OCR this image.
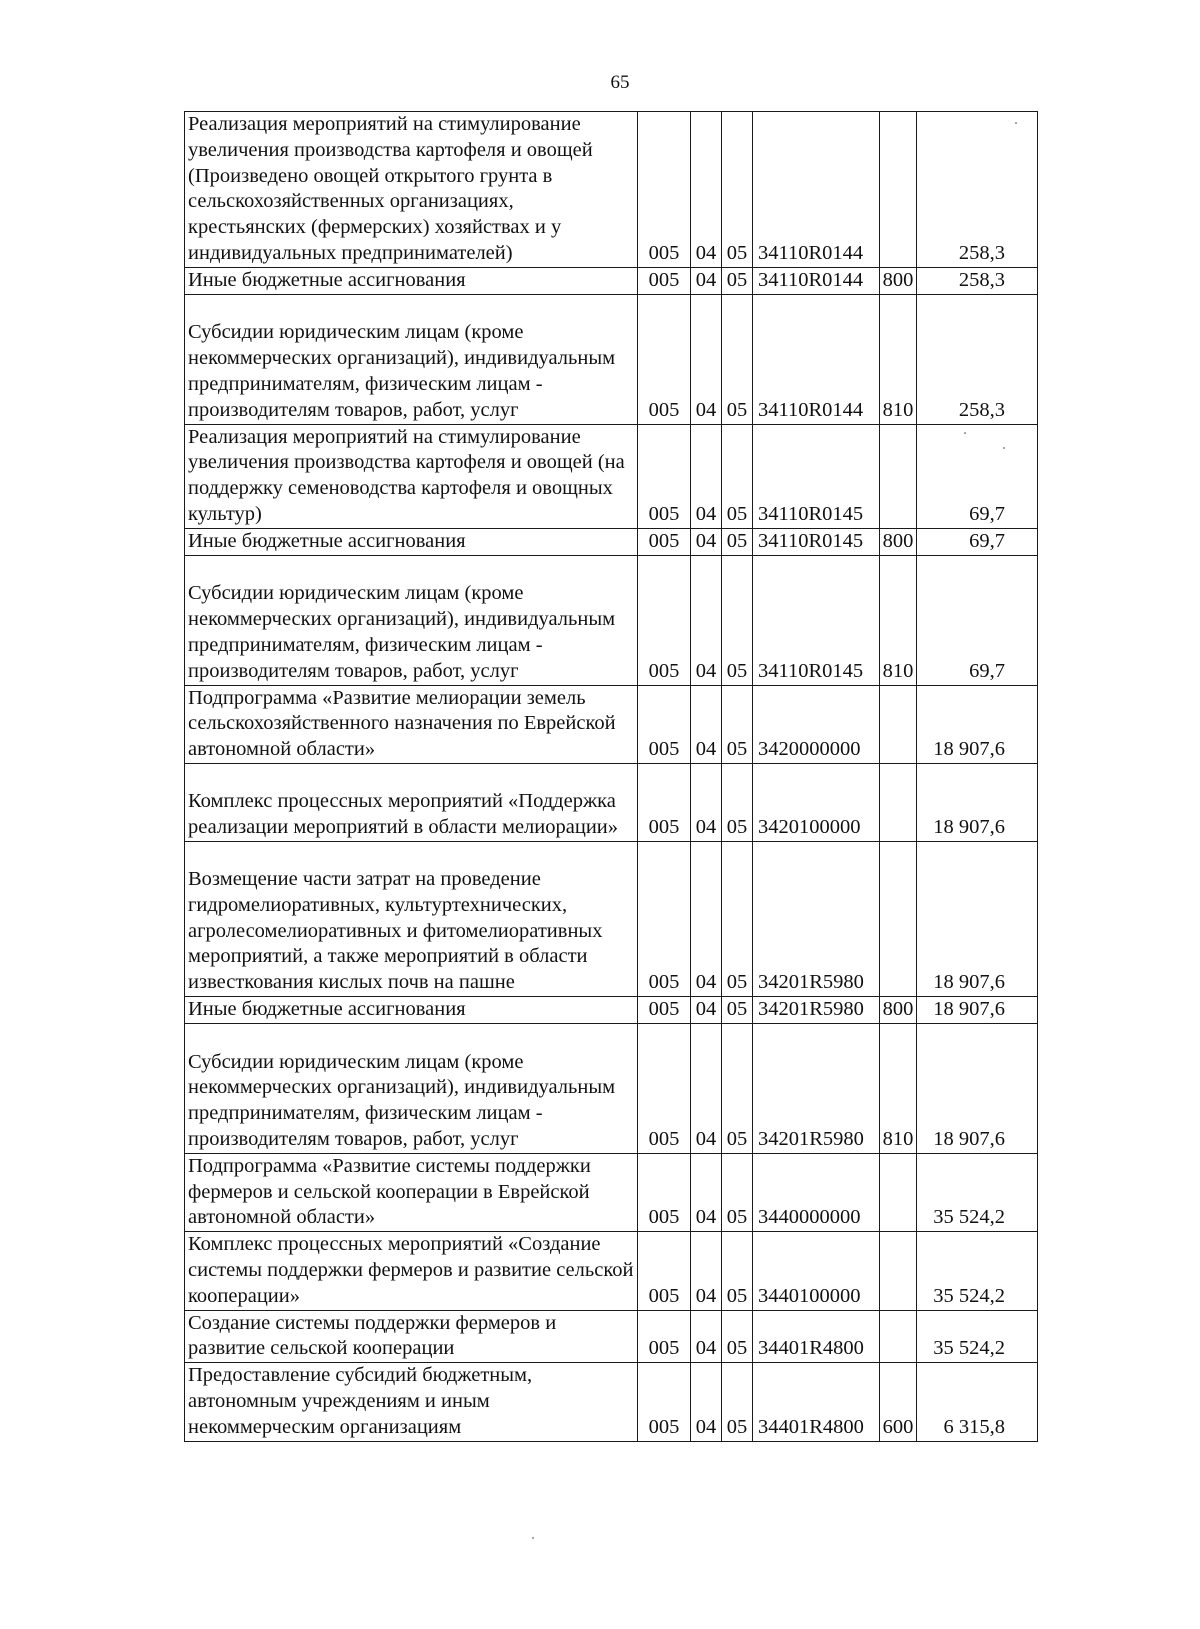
65
Реализация мероприятий на стимулирование увеличения производства картофеля и овощей (Произведено овощей открытого грунта в сельскохозяйственных организациях, крестьянских (фермерских) хозяйствах и у индивидуальных предпринимателей)	005	04	05	34110R0144		258,3
Иные бюджетные ассигнования	005	04	05	34110R0144	800	258,3
Субсидии юридическим лицам (кроме некоммерческих организаций), индивидуальным предпринимателям, физическим лицам - производителям товаров, работ, услуг	005	04	05	34110R0144	810	258,3
Реализация мероприятий на стимулирование увеличения производства картофеля и овощей (на поддержку семеноводства картофеля и овощных культур)	005	04	05	34110R0145		69,7
Иные бюджетные ассигнования	005	04	05	34110R0145	800	69,7
Субсидии юридическим лицам (кроме некоммерческих организаций), индивидуальным предпринимателям, физическим лицам - производителям товаров, работ, услуг	005	04	05	34110R0145	810	69,7
Подпрограмма «Развитие мелиорации земель сельскохозяйственного назначения по Еврейской автономной области»	005	04	05	3420000000		18 907,6
Комплекс процессных мероприятий «Поддержка реализации мероприятий в области мелиорации»	005	04	05	3420100000		18 907,6
Возмещение части затрат на проведение гидромелиоративных, культуртехнических, агролесомелиоративных и фитомелиоративных мероприятий, а также мероприятий в области известкования кислых почв на пашне	005	04	05	34201R5980		18 907,6
Иные бюджетные ассигнования	005	04	05	34201R5980	800	18 907,6
Субсидии юридическим лицам (кроме некоммерческих организаций), индивидуальным предпринимателям, физическим лицам - производителям товаров, работ, услуг	005	04	05	34201R5980	810	18 907,6
Подпрограмма «Развитие системы поддержки фермеров и сельской кооперации в Еврейской автономной области»	005	04	05	3440000000		35 524,2
Комплекс процессных мероприятий «Создание системы поддержки фермеров и развитие сельской кооперации»	005	04	05	3440100000		35 524,2
Создание системы поддержки фермеров и развитие сельской кооперации	005	04	05	34401R4800		35 524,2
Предоставление субсидий бюджетным, автономным учреждениям и иным некоммерческим организациям	005	04	05	34401R4800	600	6 315,8
